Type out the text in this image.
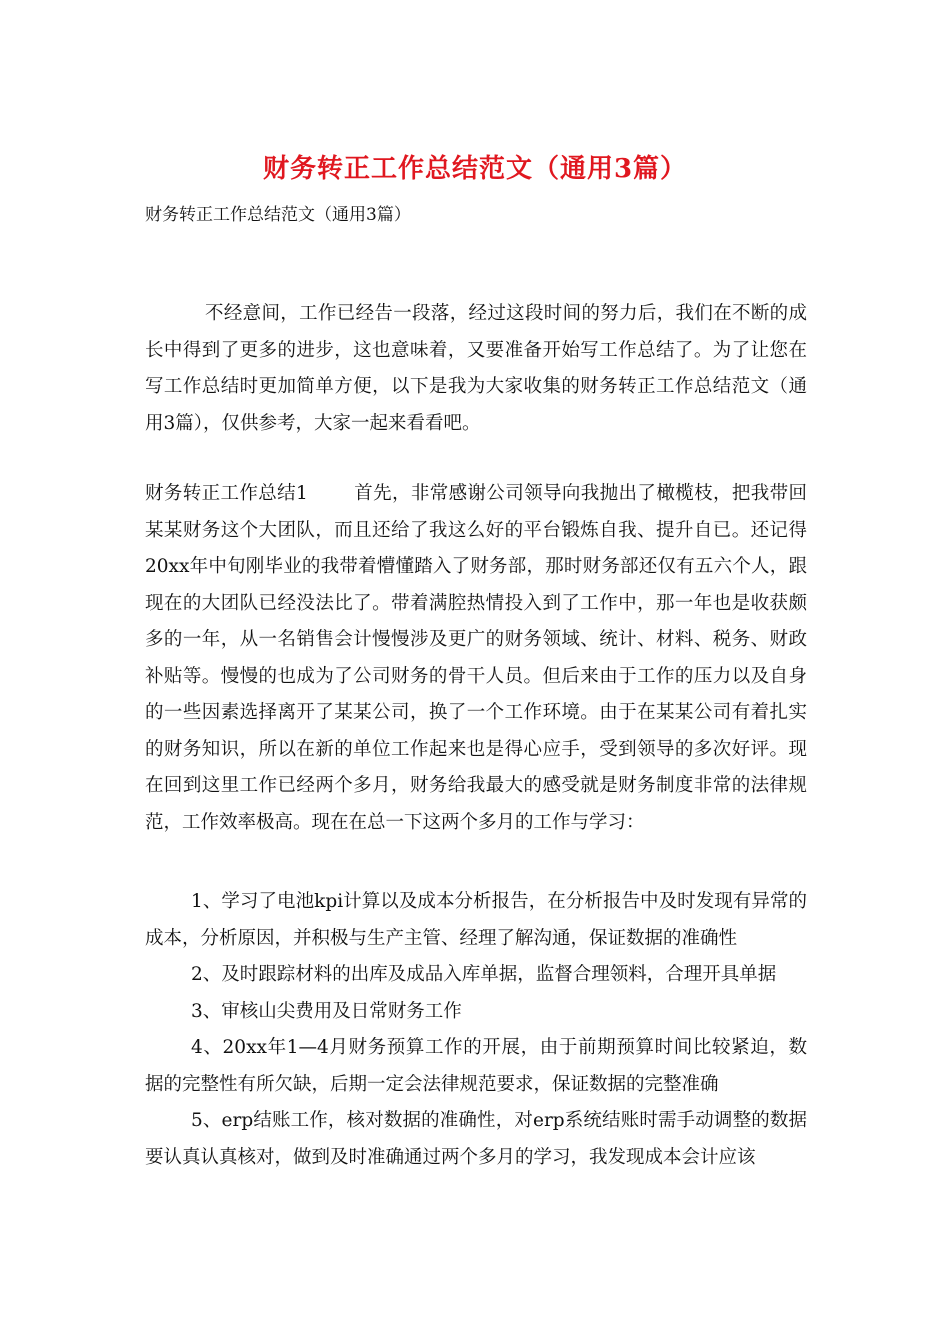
财务转正工作总结范文（通用3篇）
财务转正工作总结范文（通用3篇）
不经意间，工作已经告一段落，经过这段时间的努力后，我们在不断的成长中得到了更多的进步，这也意味着，又要准备开始写工作总结了。为了让您在写工作总结时更加简单方便，以下是我为大家收集的财务转正工作总结范文（通用3篇），仅供参考，大家一起来看看吧。
财务转正工作总结1 首先，非常感谢公司领导向我抛出了橄榄枝，把我带回某某财务这个大团队，而且还给了我这么好的平台锻炼自我、提升自已。还记得20xx年中旬刚毕业的我带着懵懂踏入了财务部，那时财务部还仅有五六个人，跟现在的大团队已经没法比了。带着满腔热情投入到了工作中，那一年也是收获颇多的一年，从一名销售会计慢慢涉及更广的财务领域、统计、材料、税务、财政补贴等。慢慢的也成为了公司财务的骨干人员。但后来由于工作的压力以及自身的一些因素选择离开了某某公司，换了一个工作环境。由于在某某公司有着扎实的财务知识，所以在新的单位工作起来也是得心应手，受到领导的多次好评。现在回到这里工作已经两个多月，财务给我最大的感受就是财务制度非常的法律规范，工作效率极高。现在在总一下这两个多月的工作与学习：
1、学习了电池kpi计算以及成本分析报告，在分析报告中及时发现有异常的成本，分析原因，并积极与生产主管、经理了解沟通，保证数据的准确性
2、及时跟踪材料的出库及成品入库单据，监督合理领料，合理开具单据
3、审核山尖费用及日常财务工作
4、20xx年1—4月财务预算工作的开展，由于前期预算时间比较紧迫，数据的完整性有所欠缺，后期一定会法律规范要求，保证数据的完整准确
5、erp结账工作，核对数据的准确性，对erp系统结账时需手动调整的数据要认真认真核对，做到及时准确通过两个多月的学习，我发现成本会计应该
